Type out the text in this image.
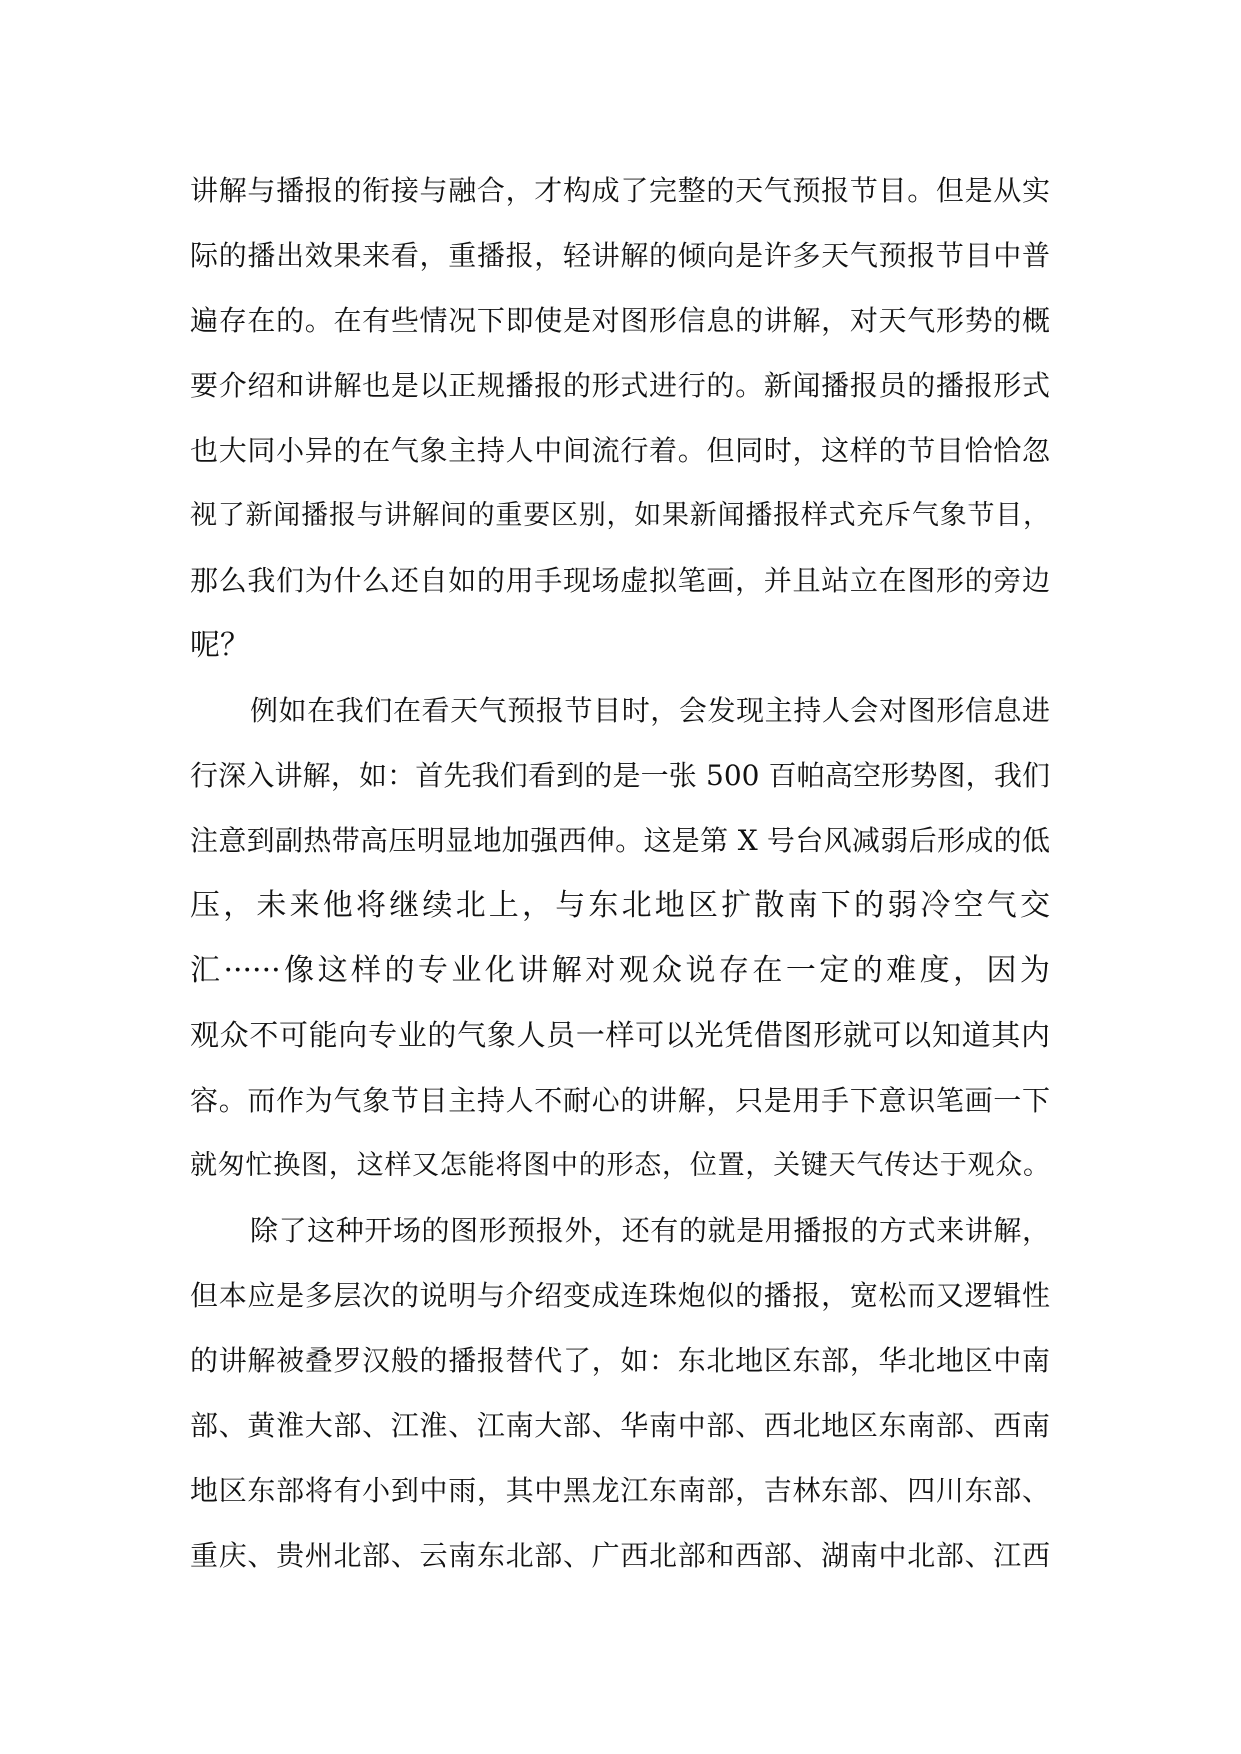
讲解与播报的衔接与融合，才构成了完整的天气预报节目。但是从实
际的播出效果来看，重播报，轻讲解的倾向是许多天气预报节目中普
遍存在的。在有些情况下即使是对图形信息的讲解，对天气形势的概
要介绍和讲解也是以正规播报的形式进行的。新闻播报员的播报形式
也大同小异的在气象主持人中间流行着。但同时，这样的节目恰恰忽
视了新闻播报与讲解间的重要区别，如果新闻播报样式充斥气象节目，
那么我们为什么还自如的用手现场虚拟笔画，并且站立在图形的旁边
呢？
例如在我们在看天气预报节目时，会发现主持人会对图形信息进
行深入讲解，如：首先我们看到的是一张 500 百帕高空形势图，我们
注意到副热带高压明显地加强西伸。这是第 X 号台风减弱后形成的低
压，未来他将继续北上，与东北地区扩散南下的弱冷空气交
汇······像这样的专业化讲解对观众说存在一定的难度，因为
观众不可能向专业的气象人员一样可以光凭借图形就可以知道其内
容。而作为气象节目主持人不耐心的讲解，只是用手下意识笔画一下
就匆忙换图，这样又怎能将图中的形态，位置，关键天气传达于观众。
除了这种开场的图形预报外，还有的就是用播报的方式来讲解，
但本应是多层次的说明与介绍变成连珠炮似的播报，宽松而又逻辑性
的讲解被叠罗汉般的播报替代了，如：东北地区东部，华北地区中南
部、黄淮大部、江淮、江南大部、华南中部、西北地区东南部、西南
地区东部将有小到中雨，其中黑龙江东南部，吉林东部、四川东部、
重庆、贵州北部、云南东北部、广西北部和西部、湖南中北部、江西
